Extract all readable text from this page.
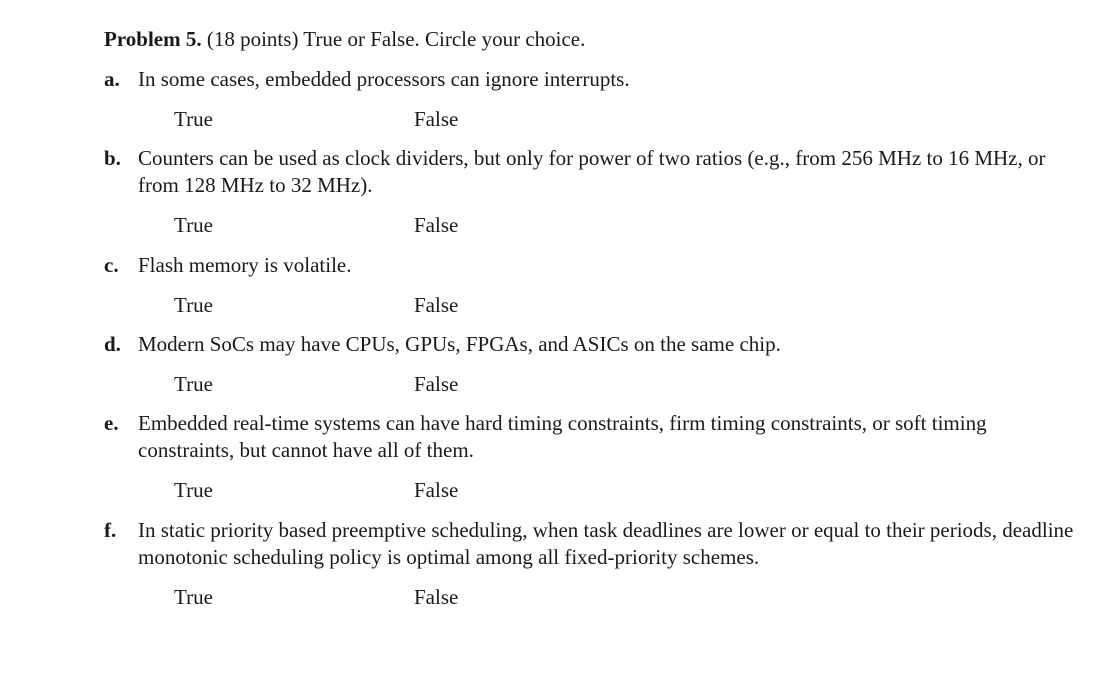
Problem 5. (18 points) True or False. Circle your choice.
a. In some cases, embedded processors can ignore interrupts.
True	False
b. Counters can be used as clock dividers, but only for power of two ratios (e.g., from 256 MHz to 16 MHz, or from 128 MHz to 32 MHz).
True	False
c. Flash memory is volatile.
True	False
d. Modern SoCs may have CPUs, GPUs, FPGAs, and ASICs on the same chip.
True	False
e. Embedded real-time systems can have hard timing constraints, firm timing constraints, or soft timing constraints, but cannot have all of them.
True	False
f. In static priority based preemptive scheduling, when task deadlines are lower or equal to their periods, deadline monotonic scheduling policy is optimal among all fixed-priority schemes.
True	False
